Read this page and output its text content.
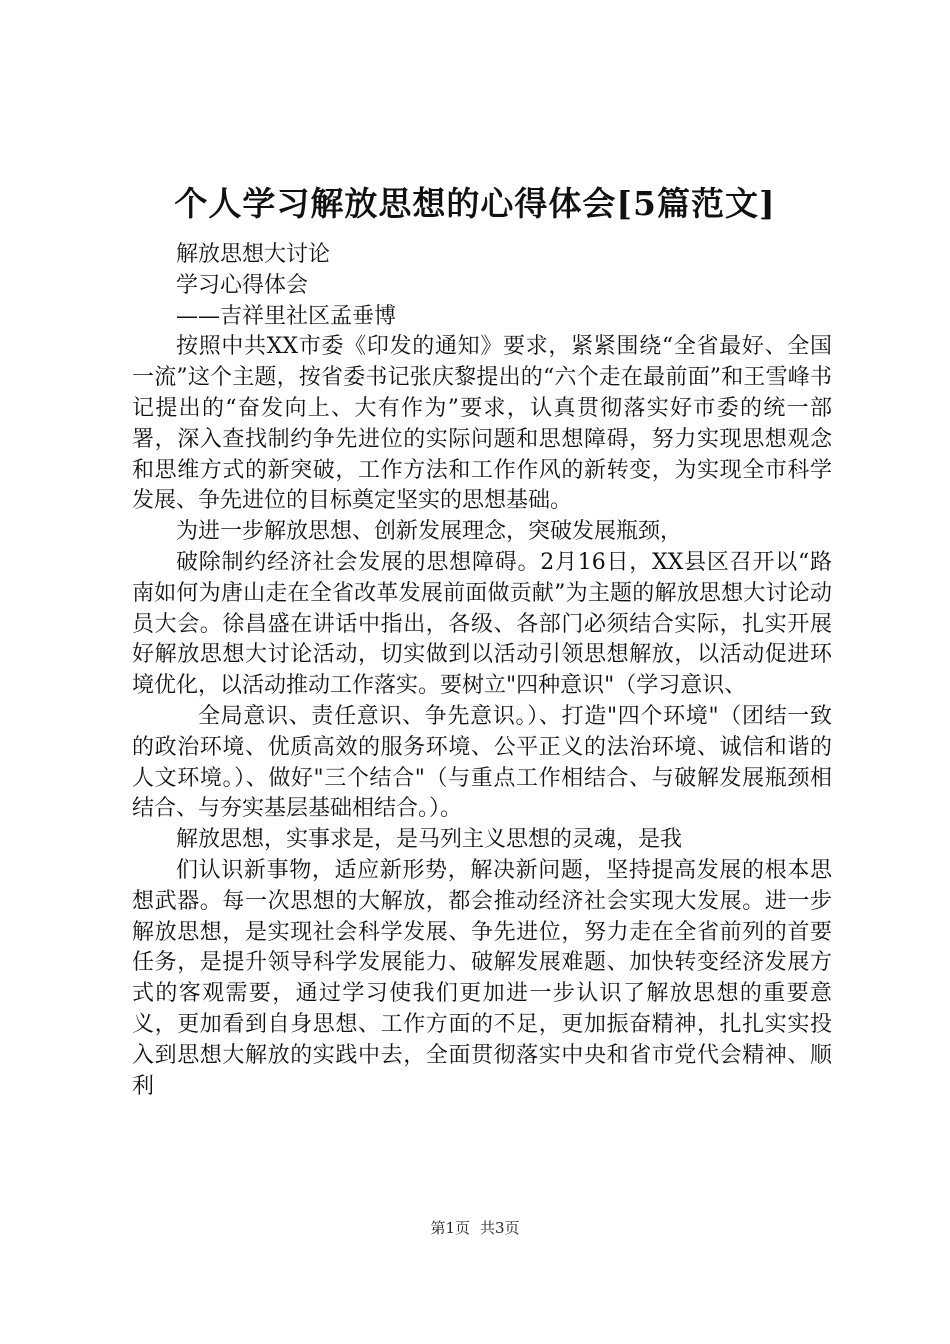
个人学习解放思想的心得体会[5篇范文]

解放思想大讨论

学习心得体会

——吉祥里社区孟垂博

按照中共XX市委《印发的通知》要求，紧紧围绕“全省最好、全国一流”这个主题，按省委书记张庆黎提出的“六个走在最前面”和王雪峰书记提出的“奋发向上、大有作为”要求，认真贯彻落实好市委的统一部署，深入查找制约争先进位的实际问题和思想障碍，努力实现思想观念和思维方式的新突破，工作方法和工作作风的新转变，为实现全市科学发展、争先进位的目标奠定坚实的思想基础。

为进一步解放思想、创新发展理念，突破发展瓶颈，

破除制约经济社会发展的思想障碍。2月16日，XX县区召开以“路南如何为唐山走在全省改革发展前面做贡献”为主题的解放思想大讨论动员大会。徐昌盛在讲话中指出，各级、各部门必须结合实际，扎实开展好解放思想大讨论活动，切实做到以活动引领思想解放，以活动促进环境优化，以活动推动工作落实。要树立"四种意识"（学习意识、

全局意识、责任意识、争先意识。）、打造"四个环境"（团结一致的政治环境、优质高效的服务环境、公平正义的法治环境、诚信和谐的人文环境。）、做好"三个结合"（与重点工作相结合、与破解发展瓶颈相结合、与夯实基层基础相结合。）。

解放思想，实事求是，是马列主义思想的灵魂，是我

们认识新事物，适应新形势，解决新问题，坚持提高发展的根本思想武器。每一次思想的大解放，都会推动经济社会实现大发展。进一步解放思想，是实现社会科学发展、争先进位，努力走在全省前列的首要任务，是提升领导科学发展能力、破解发展难题、加快转变经济发展方式的客观需要，通过学习使我们更加进一步认识了解放思想的重要意义，更加看到自身思想、工作方面的不足，更加振奋精神，扎扎实实投入到思想大解放的实践中去，全面贯彻落实中央和省市党代会精神、顺利

第1页 共3页
